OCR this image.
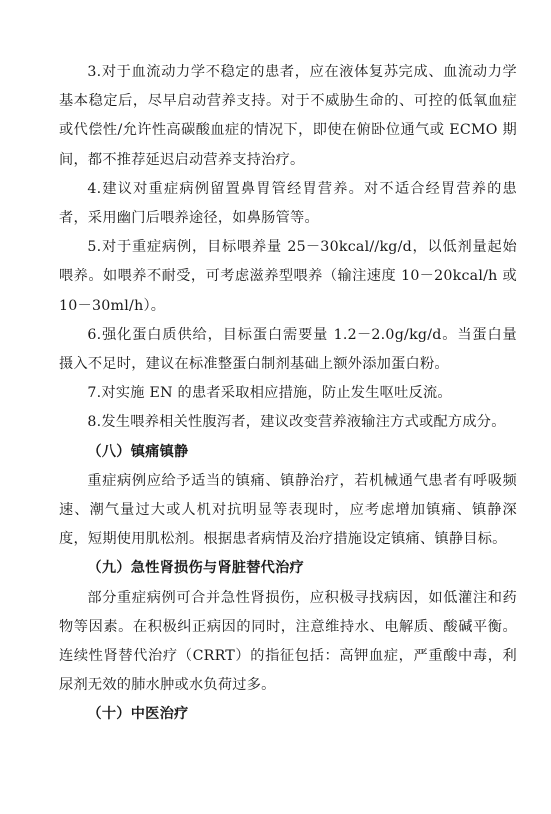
3.对于血流动力学不稳定的患者，应在液体复苏完成、血流动力学基本稳定后，尽早启动营养支持。对于不威胁生命的、可控的低氧血症或代偿性/允许性高碳酸血症的情况下，即使在俯卧位通气或 ECMO 期间，都不推荐延迟启动营养支持治疗。

4.建议对重症病例留置鼻胃管经胃营养。对不适合经胃营养的患者，采用幽门后喂养途径，如鼻肠管等。

5.对于重症病例，目标喂养量 25－30kcal//kg/d，以低剂量起始喂养。如喂养不耐受，可考虑滋养型喂养（输注速度 10－20kcal/h 或 10－30ml/h）。

6.强化蛋白质供给，目标蛋白需要量 1.2－2.0g/kg/d。当蛋白量摄入不足时，建议在标准整蛋白制剂基础上额外添加蛋白粉。

7.对实施 EN 的患者采取相应措施，防止发生呕吐反流。

8.发生喂养相关性腹泻者，建议改变营养液输注方式或配方成分。

（八）镇痛镇静

重症病例应给予适当的镇痛、镇静治疗，若机械通气患者有呼吸频速、潮气量过大或人机对抗明显等表现时，应考虑增加镇痛、镇静深度，短期使用肌松剂。根据患者病情及治疗措施设定镇痛、镇静目标。

（九）急性肾损伤与肾脏替代治疗

部分重症病例可合并急性肾损伤，应积极寻找病因，如低灌注和药物等因素。在积极纠正病因的同时，注意维持水、电解质、酸碱平衡。连续性肾替代治疗（CRRT）的指征包括：高钾血症，严重酸中毒，利尿剂无效的肺水肿或水负荷过多。

（十）中医治疗
